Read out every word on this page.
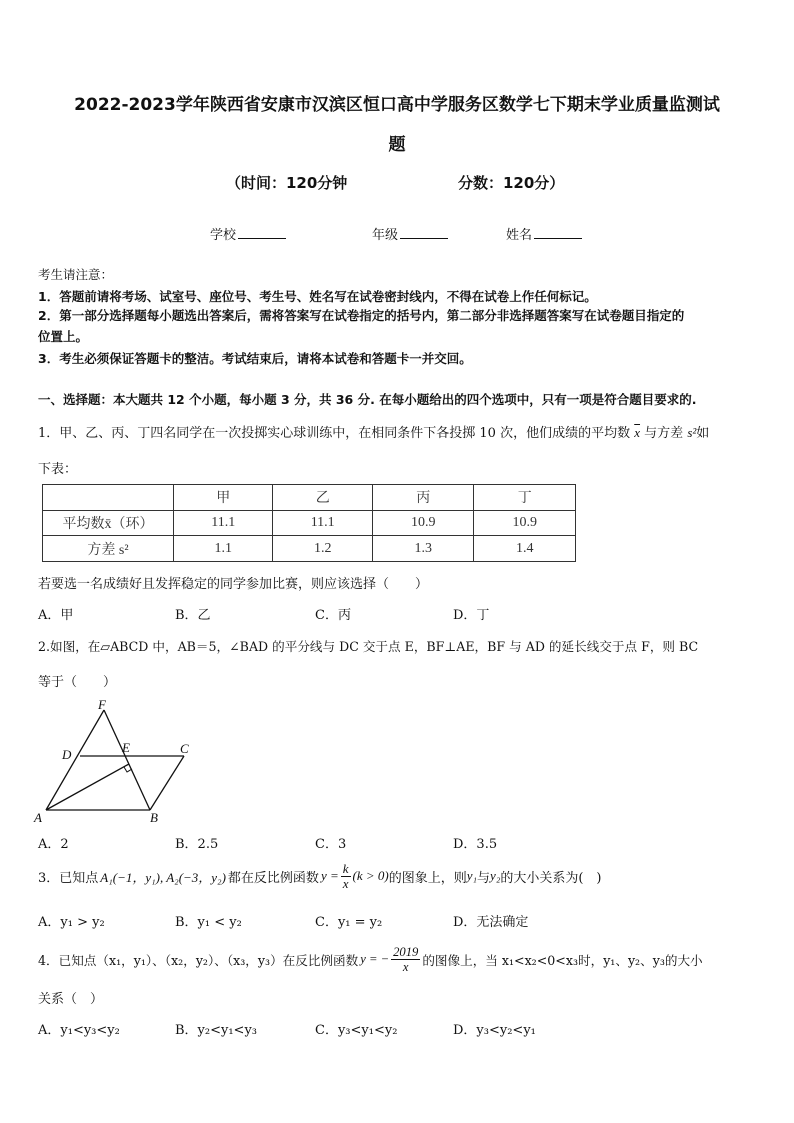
2022-2023学年陕西省安康市汉滨区恒口高中学服务区数学七下期末学业质量监测试
题
（时间：120分钟	分数：120分）
学校	年级	姓名
考生请注意：
1．答题前请将考场、试室号、座位号、考生号、姓名写在试卷密封线内，不得在试卷上作任何标记。
2．第一部分选择题每小题选出答案后，需将答案写在试卷指定的括号内，第二部分非选择题答案写在试卷题目指定的
位置上。
3．考生必须保证答题卡的整洁。考试结束后，请将本试卷和答题卡一并交回。
一、选择题：本大题共 12 个小题，每小题 3 分，共 36 分. 在每小题给出的四个选项中，只有一项是符合题目要求的.
1．甲、乙、丙、丁四名同学在一次投掷实心球训练中，在相同条件下各投掷 10 次，他们成绩的平均数 $\overline{x}$ 与方差 s²如
下表：
	甲	乙	丙	丁
平均数x̄（环）	11.1	11.1	10.9	10.9
方差 s²	1.1	1.2	1.3	1.4
若要选一名成绩好且发挥稳定的同学参加比赛，则应该选择（　　）
A．甲	B．乙	C．丙	D．丁
2.如图，在▱ABCD 中，AB＝5，∠BAD 的平分线与 DC 交于点 E，BF⊥AE，BF 与 AD 的延长线交于点 F，则 BC
等于（　　）
F
D	E	C
A	B
A．2	B．2.5	C．3	D．3.5
3．已知点 A₁(−1，y₁), A₂(−3，y₂) 都在反比例函数 $y = \frac{k}{x} (k > 0)$ 的图象上，则 y₁ 与 y₂ 的大小关系为(　)
A．y₁ > y₂	B．y₁ < y₂	C．y₁ = y₂	D．无法确定
4．已知点（x₁，y₁）、（x₂，y₂）、（x₃，y₃）在反比例函数 y = − $\frac{2019}{x}$ 的图像上，当 x₁<x₂<0<x₃时，y₁、y₂、y₃的大小
关系（　）
A．y₁<y₃<y₂	B．y₂<y₁<y₃	C．y₃<y₁<y₂	D．y₃<y₂<y₁
